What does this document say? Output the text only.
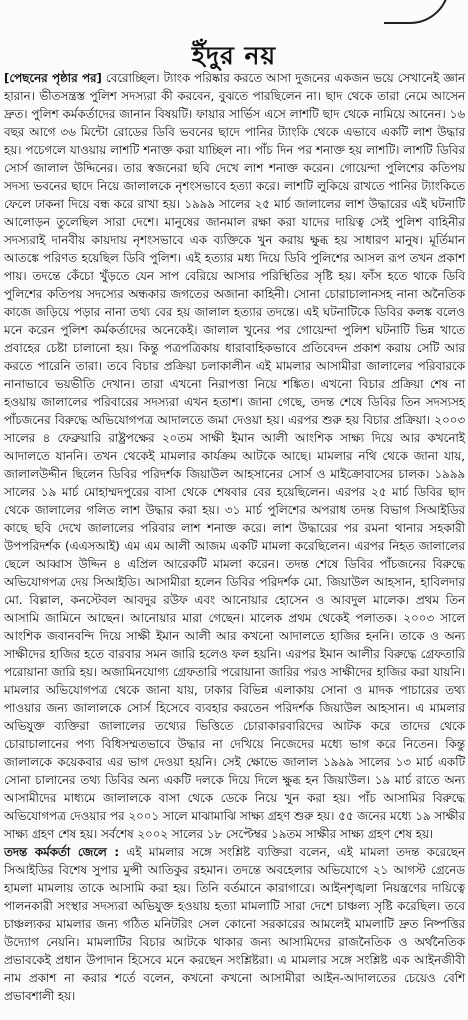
ইঁদুর নয়

[পেছনের পৃষ্ঠার পর] বেরোচ্ছিল। ট্যাংক পরিষ্কার করতে আসা দুজনের একজন ভয়ে সেখানেই জ্ঞান হারান। ভীতসন্ত্রস্ত পুলিশ সদস্যরা কী করবেন, বুঝতে পারছিলেন না। ছাদ থেকে তারা নেমে আসেন দ্রুত। পুলিশ কর্মকর্তাদের জানান বিষয়টি। ফায়ার সার্ভিস এসে লাশটি ছাদ থেকে নামিয়ে আনেন। ১৬ বছর আগে ৩৬ মিন্টো রোডের ডিবি ভবনের ছাদে পানির ট্যাংকি থেকে এভাবে একটি লাশ উদ্ধার হয়। পচেগলে যাওয়ায় লাশটি শনাক্ত করা যাচ্ছিল না। পাঁচ দিন পর শনাক্ত হয় লাশটি। লাশটি ডিবির সোর্স জালাল উদ্দিনের। তার স্বজনেরা ছবি দেখে লাশ শনাক্ত করেন। গোয়েন্দা পুলিশের কতিপয় সদস্য ভবনের ছাদে নিয়ে জালালকে নৃশংসভাবে হত্যা করে। লাশটি লুকিয়ে রাখতে পানির ট্যাংকিতে ফেলে ঢাকনা দিয়ে বন্ধ করে রাখা হয়। ১৯৯৯ সালের ২৫ মার্চ জালালের লাশ উদ্ধারের এই ঘটনাটি আলোড়ন তুলেছিল সারা দেশে। মানুষের জানমাল রক্ষা করা যাদের দায়িত্ব সেই পুলিশ বাহিনীর সদস্যরাই দানবীয় কায়দায় নৃশংসভাবে এক ব্যক্তিকে খুন করায় ক্ষুব্ধ হয় সাধারণ মানুষ। মূর্তিমান আতঙ্কে পরিণত হয়েছিল ডিবি পুলিশ। এই হত্যার মধ্য দিয়ে ডিবি পুলিশের আসল রূপ তখন প্রকাশ পায়। তদন্তে কেঁচো খুঁড়তে যেন সাপ বেরিয়ে আসার পরিস্থিতির সৃষ্টি হয়। ফাঁস হতে থাকে ডিবি পুলিশের কতিপয় সদস্যের অন্ধকার জগতের অজানা কাহিনী। সোনা চোরাচালানসহ নানা অনৈতিক কাজে জড়িয়ে পড়ার নানা তথ্য বের হয় জালাল হত্যার তদন্তে। এই ঘটনাটিকে ডিবির কলঙ্ক বলেও মনে করেন পুলিশ কর্মকর্তাদের অনেকেই। জালাল খুনের পর গোয়েন্দা পুলিশ ঘটনাটি ভিন্ন খাতে প্রবাহের চেষ্টা চালানো হয়। কিন্তু পত্রপত্রিকায় ধারাবাহিকভাবে প্রতিবেদন প্রকাশ করায় সেটি আর করতে পারেনি তারা। তবে বিচার প্রক্রিয়া চলাকালীন এই মামলার আসামীরা জালালের পরিবারকে নানাভাবে ভয়ভীতি দেখান। তারা এখনো নিরাপত্তা নিয়ে শঙ্কিত। এখনো বিচার প্রক্রিয়া শেষ না হওয়ায় জালালের পরিবারের সদস্যরা এখন হতাশ। জানা গেছে, তদন্ত শেষে ডিবির তিন সদস্যসহ পাঁচজনের বিরুদ্ধে অভিযোগপত্র আদালতে জমা দেওয়া হয়। এরপর শুরু হয় বিচার প্রক্রিয়া। ২০০৩ সালের ৪ ফেব্রুয়ারি রাষ্ট্রপক্ষের ২০তম সাক্ষী ইমান আলী আংশিক সাক্ষ্য দিয়ে আর কখনোই আদালতে যাননি। তখন থেকেই মামলার কার্যক্রম আটকে আছে। মামলার নথি থেকে জানা যায়, জালালউদ্দীন ছিলেন ডিবির পরিদর্শক জিয়াউল আহসানের সোর্স ও মাইক্রোবাসের চালক। ১৯৯৯ সালের ১৯ মার্চ মোহাম্মদপুরের বাসা থেকে শেষবার বের হয়েছিলেন। এরপর ২৫ মার্চ ডিবির ছাদ থেকে জালালের গলিত লাশ উদ্ধার করা হয়। ৩১ মার্চ পুলিশের অপরাধ তদন্ত বিভাগ সিআইডির কাছে ছবি দেখে জালালের পরিবার লাশ শনাক্ত করে। লাশ উদ্ধারের পর রমনা থানার সহকারী উপপরিদর্শক (এএসআই) এম এম আলী আজম একটি মামলা করেছিলেন। এরপর নিহত জালালের ছেলে আব্বাস উদ্দিন ৪ এপ্রিল আরেকটি মামলা করেন। তদন্ত শেষে ডিবির পাঁচজনের বিরুদ্ধে অভিযোগপত্র দেয় সিআইডি। আসামীরা হলেন ডিবির পরিদর্শক মো. জিয়াউল আহসান, হাবিলদার মো. বিল্লাল, কনস্টেবল আবদুর রউফ এবং আনোয়ার হোসেন ও আবদুল মালেক। প্রথম তিন আসামি জামিনে আছেন। আনোয়ার মারা গেছেন। মালেক প্রথম থেকেই পলাতক। ২০০৩ সালে আংশিক জবানবন্দি দিয়ে সাক্ষী ইমান আলী আর কখনো আদালতে হাজির হননি। তাকে ও অন্য সাক্ষীদের হাজির হতে বারবার সমন জারি হলেও ফল হয়নি। এরপর ইমান আলীর বিরুদ্ধে গ্রেফতারি পরোয়ানা জারি হয়। অজামিনযোগ্য গ্রেফতারি পরোয়ানা জারির পরও সাক্ষীদের হাজির করা যায়নি। মামলার অভিযোগপত্র থেকে জানা যায়, ঢাকার বিভিন্ন এলাকায় সোনা ও মাদক পাচারের তথ্য পাওয়ার জন্য জালালকে সোর্স হিসেবে ব্যবহার করতেন পরিদর্শক জিয়াউল আহসান। এ মামলার অভিযুক্ত ব্যক্তিরা জালালের তথ্যের ভিত্তিতে চোরাকারবারিদের আটক করে তাদের থেকে চোরাচালানের পণ্য বিধিসম্মতভাবে উদ্ধার না দেখিয়ে নিজেদের মধ্যে ভাগ করে নিতেন। কিন্তু জালালকে কয়েকবার এর ভাগ দেওয়া হয়নি। সেই ক্ষোভে জালাল ১৯৯৯ সালের ১৩ মার্চ একটি সোনা চালানের তথ্য ডিবির অন্য একটি দলকে দিয়ে দিলে ক্ষুব্ধ হন জিয়াউল। ১৯ মার্চ রাতে অন্য আসামীদের মাধ্যমে জালালকে বাসা থেকে ডেকে নিয়ে খুন করা হয়। পাঁচ আসামির বিরুদ্ধে অভিযোগপত্র দেওয়ার পর ২০০১ সালে মাঝামাঝি সাক্ষ্য গ্রহণ শুরু হয়। ৫৫ জনের মধ্যে ১৯ সাক্ষীর সাক্ষ্য গ্রহণ শেষ হয়। সর্বশেষ ২০০২ সালের ১৮ সেপ্টেম্বর ১৯তম সাক্ষীর সাক্ষ্য গ্রহণ শেষ হয়।

তদন্ত কর্মকর্তা জেলে : এই মামলার সঙ্গে সংশ্লিষ্ট ব্যক্তিরা বলেন, এই মামলা তদন্ত করেছেন সিআইডির বিশেষ সুপার মুন্সী আতিকুর রহমান। তদন্তে অবহেলার অভিযোগে ২১ আগস্ট গ্রেনেড হামলা মামলায় তাকে আসামি করা হয়। তিনি বর্তমানে কারাগারে। আইনশৃঙ্খলা নিয়ন্ত্রণের দায়িত্বে পালনকারী সংস্থার সদস্যরা অভিযুক্ত হওয়ায় হত্যা মামলাটি সারা দেশে চাঞ্চল্য সৃষ্টি করেছিল। তবে চাঞ্চল্যকর মামলার জন্য গঠিত মনিটরিং সেল কোনো সরকারের আমলেই মামলাটি দ্রুত নিষ্পত্তির উদ্যোগ নেয়নি। মামলাটির বিচার আটকে থাকার জন্য আসামিদের রাজনৈতিক ও অর্থনৈতিক প্রভাবকেই প্রধান উপাদান হিসেবে মনে করছেন সংশ্লিষ্টরা। এ মামলার সঙ্গে সংশ্লিষ্ট এক আইনজীবী নাম প্রকাশ না করার শর্তে বলেন, কখনো কখনো আসামীরা আইন-আদালতের চেয়েও বেশি প্রভাবশালী হয়।
